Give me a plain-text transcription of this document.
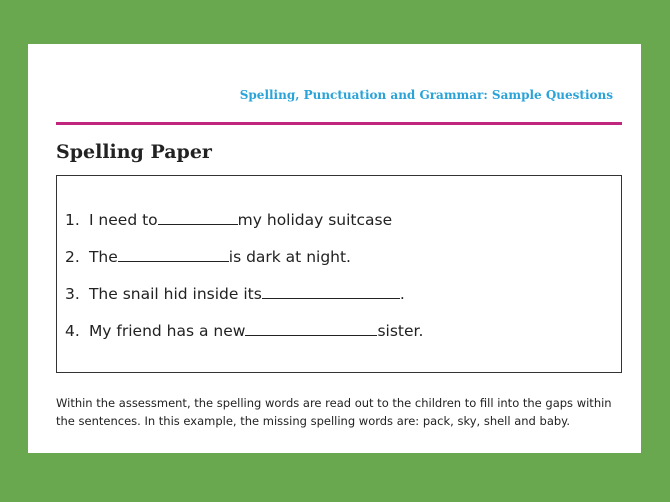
Spelling, Punctuation and Grammar: Sample Questions
Spelling Paper
1. I need to	my holiday suitcase
2. The	is dark at night.
3. The snail hid inside its	.
4. My friend has a new	sister.
Within the assessment, the spelling words are read out to the children to fill into the gaps within the sentences. In this example, the missing spelling words are: pack, sky, shell and baby.
